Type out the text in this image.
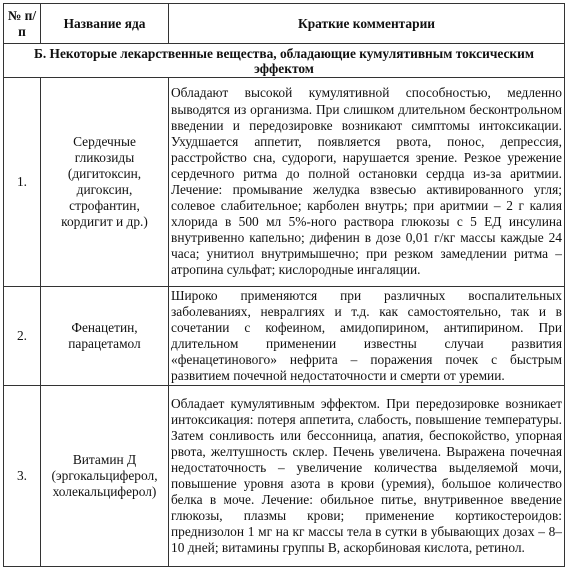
№ п/п	Название яда	Краткие комментарии
Б. Некоторые лекарственные вещества, обладающие кумулятивным токсическим эффектом		
1.	Сердечные гликозиды (дигитоксин, дигоксин, строфантин, кордигит и др.)	Обладают высокой кумулятивной способностью, медленно выводятся из организма. При слишком длительном бесконтрольном введении и передозировке возникают симптомы интоксикации. Ухудшается аппетит, появляется рвота, понос, депрессия, расстройство сна, судороги, нарушается зрение. Резкое урежение сердечного ритма до полной остановки сердца из-за аритмии. Лечение: промывание желудка взвесью активированного угля; солевое слабительное; карболен внутрь; при аритмии – 2 г калия хлорида в 500 мл 5%-ного раствора глюкозы с 5 ЕД инсулина внутривенно капельно; дифенин в дозе 0,01 г/кг массы каждые 24 часа; унитиол внутримышечно; при резком замедлении ритма – атропина сульфат; кислородные ингаляции.
2.	Фенацетин, парацетамол	Широко применяются при различных воспалительных заболеваниях, невралгиях и т.д. как самостоятельно, так и в сочетании с кофеином, амидопирином, антипирином. При длительном применении известны случаи развития «фенацетинового» нефрита – поражения почек с быстрым развитием почечной недостаточности и смерти от уремии.
3.	Витамин Д (эргокальциферол, холекальциферол)	Обладает кумулятивным эффектом. При передозировке возникает интоксикация: потеря аппетита, слабость, повышение температуры. Затем сонливость или бессонница, апатия, беспокойство, упорная рвота, желтушность склер. Печень увеличена. Выражена почечная недостаточность – увеличение количества выделяемой мочи, повышение уровня азота в крови (уремия), большое количество белка в моче. Лечение: обильное питье, внутривенное введение глюкозы, плазмы крови; применение кортикостероидов: преднизолон 1 мг на кг массы тела в сутки в убывающих дозах – 8–10 дней; витамины группы В, аскорбиновая кислота, ретинол.
